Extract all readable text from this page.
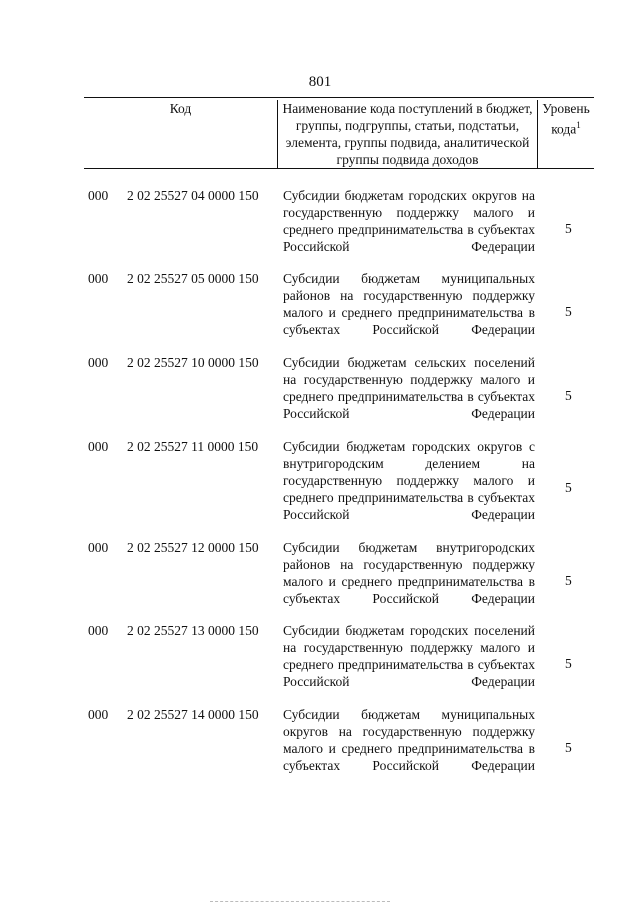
801
Код	Наименование кода поступлений в бюджет, группы, подгруппы, статьи, подстатьи, элемента, группы подвида, аналитической группы подвида доходов
Уровень кода$^1$
000 2 02 25527 04 0000 150 Субсидии бюджетам городских округов на государственную поддержку малого и среднего предпринимательства в субъектах Российской Федерации
5
000 2 02 25527 05 0000 150 Субсидии бюджетам муниципальных районов на государственную поддержку малого и среднего предпринимательства в субъектах Российской Федерации
5
000 2 02 25527 10 0000 150 Субсидии бюджетам сельских поселений на государственную поддержку малого и среднего предпринимательства в субъектах Российской Федерации
5
000 2 02 25527 11 0000 150 Субсидии бюджетам городских округов с внутригородским делением на государственную поддержку малого и среднего предпринимательства в субъектах Российской Федерации
5
000 2 02 25527 12 0000 150 Субсидии бюджетам внутригородских районов на государственную поддержку малого и среднего предпринимательства в субъектах Российской Федерации
5
000 2 02 25527 13 0000 150 Субсидии бюджетам городских поселений на государственную поддержку малого и среднего предпринимательства в субъектах Российской Федерации
5
000 2 02 25527 14 0000 150 Субсидии бюджетам муниципальных округов на государственную поддержку малого и среднего предпринимательства в субъектах Российской Федерации
5
